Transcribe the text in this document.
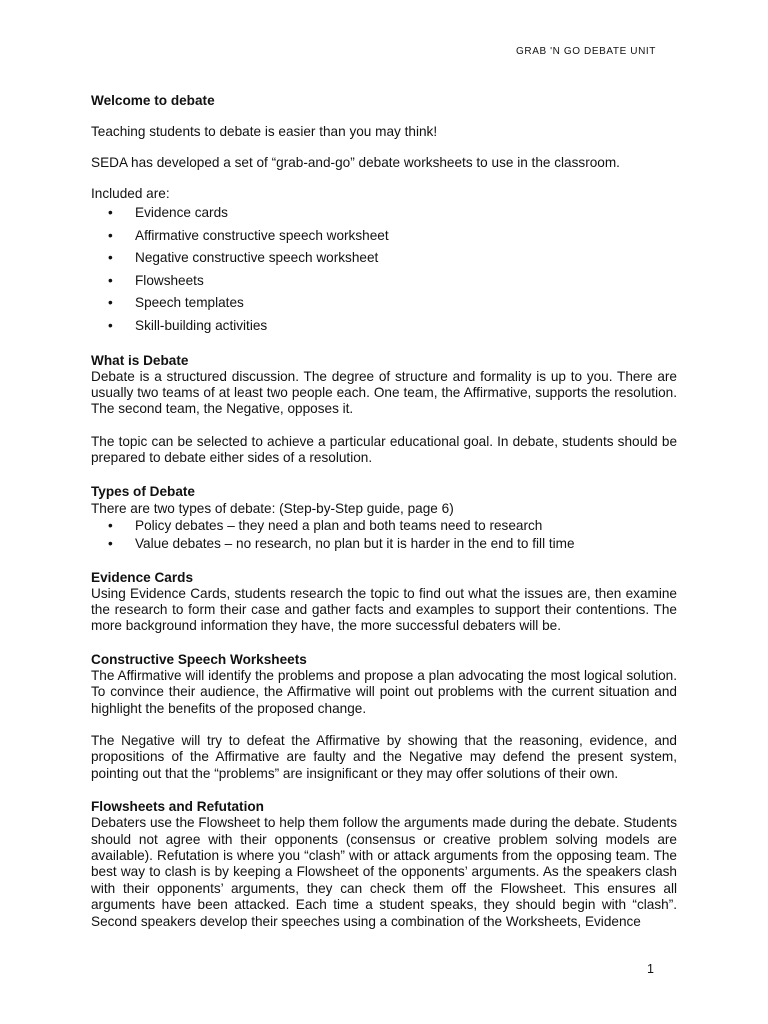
GRAB 'N GO DEBATE UNIT

Welcome to debate

Teaching students to debate is easier than you may think!

SEDA has developed a set of “grab-and-go” debate worksheets to use in the classroom.

Included are:

• Evidence cards
• Affirmative constructive speech worksheet
• Negative constructive speech worksheet
• Flowsheets
• Speech templates
• Skill-building activities

What is Debate

Debate is a structured discussion. The degree of structure and formality is up to you. There are usually two teams of at least two people each. One team, the Affirmative, supports the resolution. The second team, the Negative, opposes it.

The topic can be selected to achieve a particular educational goal. In debate, students should be prepared to debate either sides of a resolution.

Types of Debate

There are two types of debate: (Step-by-Step guide, page 6)

• Policy debates – they need a plan and both teams need to research
• Value debates – no research, no plan but it is harder in the end to fill time

Evidence Cards

Using Evidence Cards, students research the topic to find out what the issues are, then examine the research to form their case and gather facts and examples to support their contentions. The more background information they have, the more successful debaters will be.

Constructive Speech Worksheets

The Affirmative will identify the problems and propose a plan advocating the most logical solution. To convince their audience, the Affirmative will point out problems with the current situation and highlight the benefits of the proposed change.

The Negative will try to defeat the Affirmative by showing that the reasoning, evidence, and propositions of the Affirmative are faulty and the Negative may defend the present system, pointing out that the “problems” are insignificant or they may offer solutions of their own.

Flowsheets and Refutation

Debaters use the Flowsheet to help them follow the arguments made during the debate. Students should not agree with their opponents (consensus or creative problem solving models are available). Refutation is where you “clash” with or attack arguments from the opposing team. The best way to clash is by keeping a Flowsheet of the opponents’ arguments. As the speakers clash with their opponents’ arguments, they can check them off the Flowsheet. This ensures all arguments have been attacked. Each time a student speaks, they should begin with “clash”. Second speakers develop their speeches using a combination of the Worksheets, Evidence

1
